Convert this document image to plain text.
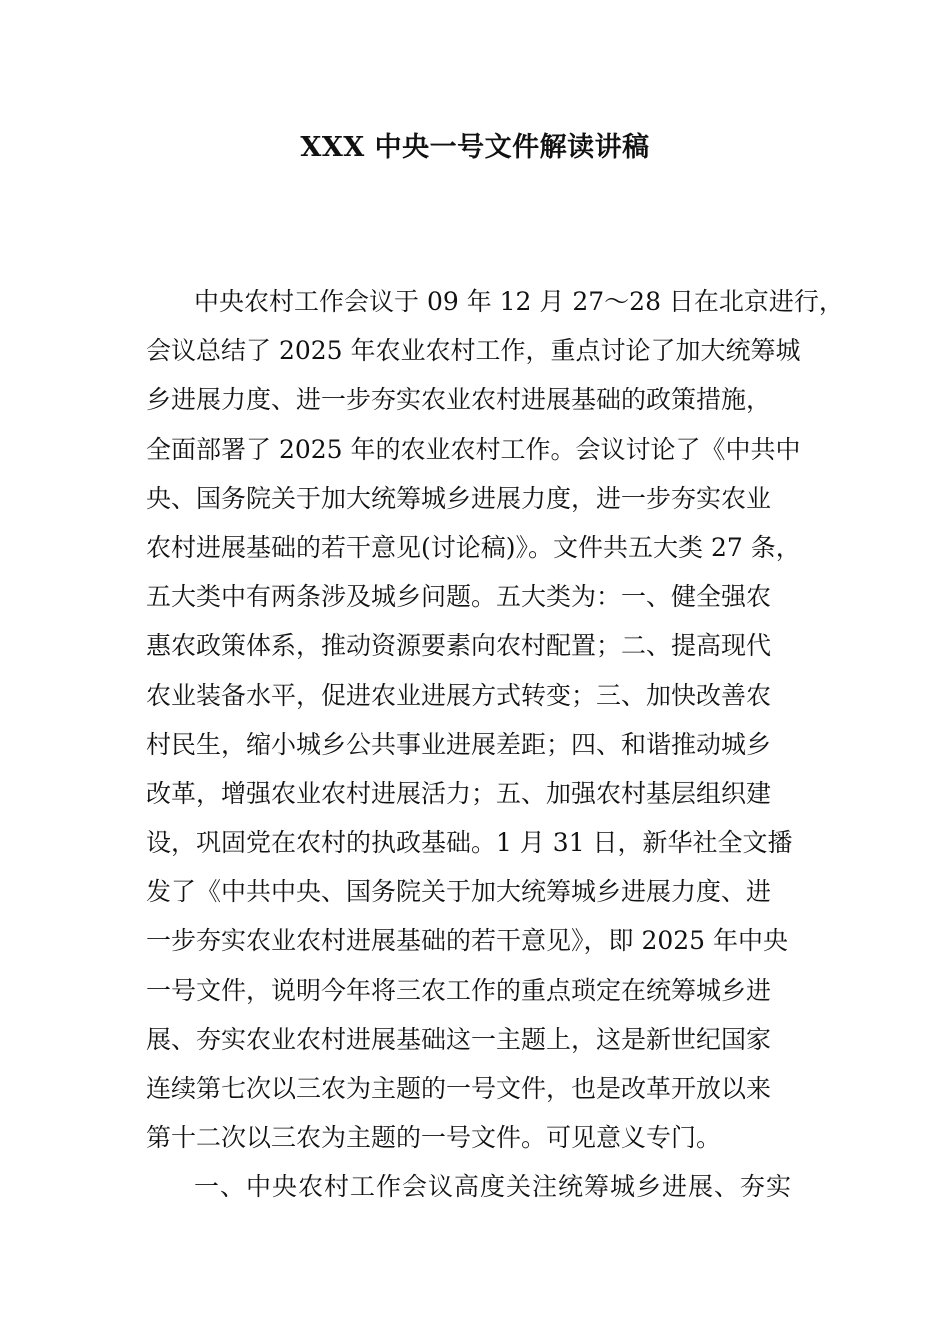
XXX 中央一号文件解读讲稿
中央农村工作会议于 09 年 12 月 27～28 日在北京进行，
会议总结了 2025 年农业农村工作，重点讨论了加大统筹城
乡进展力度、进一步夯实农业农村进展基础的政策措施，
全面部署了 2025 年的农业农村工作。会议讨论了《中共中
央、国务院关于加大统筹城乡进展力度，进一步夯实农业
农村进展基础的若干意见(讨论稿)》。文件共五大类 27 条，
五大类中有两条涉及城乡问题。五大类为：一、健全强农
惠农政策体系，推动资源要素向农村配置；二、提高现代
农业装备水平，促进农业进展方式转变；三、加快改善农
村民生，缩小城乡公共事业进展差距；四、和谐推动城乡
改革，增强农业农村进展活力；五、加强农村基层组织建
设，巩固党在农村的执政基础。1 月 31 日，新华社全文播
发了《中共中央、国务院关于加大统筹城乡进展力度、进
一步夯实农业农村进展基础的若干意见》，即 2025 年中央
一号文件，说明今年将三农工作的重点琐定在统筹城乡进
展、夯实农业农村进展基础这一主题上，这是新世纪国家
连续第七次以三农为主题的一号文件，也是改革开放以来
第十二次以三农为主题的一号文件。可见意义专门。
一、中央农村工作会议高度关注统筹城乡进展、夯实
